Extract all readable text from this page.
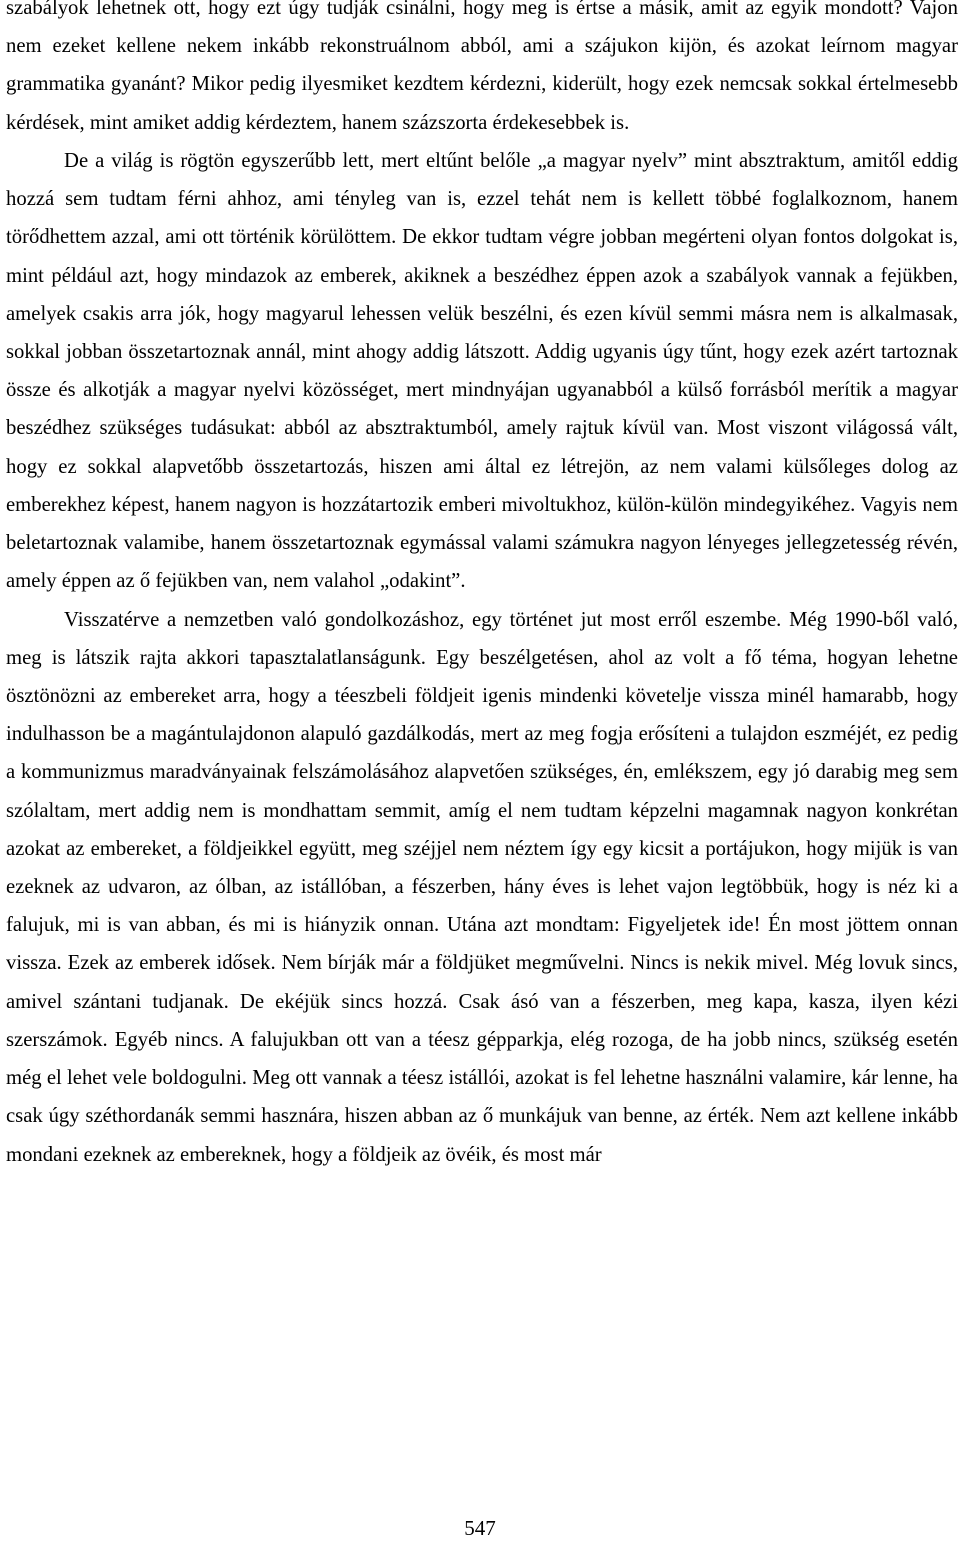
szabályok lehetnek ott, hogy ezt úgy tudják csinálni, hogy meg is értse a másik, amit az egyik mondott? Vajon nem ezeket kellene nekem inkább rekonstruálnom abból, ami a szájukon kijön, és azokat leírnom magyar grammatika gyanánt? Mikor pedig ilyesmiket kezdtem kérdezni, kiderült, hogy ezek nemcsak sokkal értelmesebb kérdések, mint amiket addig kérdeztem, hanem százszorta érdekesebbek is.

De a világ is rögtön egyszerűbb lett, mert eltűnt belőle „a magyar nyelv” mint absztraktum, amitől eddig hozzá sem tudtam férni ahhoz, ami tényleg van is, ezzel tehát nem is kellett többé foglalkoznom, hanem törődhettem azzal, ami ott történik körülöttem. De ekkor tudtam végre jobban megérteni olyan fontos dolgokat is, mint például azt, hogy mindazok az emberek, akiknek a beszédhez éppen azok a szabályok vannak a fejükben, amelyek csakis arra jók, hogy magyarul lehessen velük beszélni, és ezen kívül semmi másra nem is alkalmasak, sokkal jobban összetartoznak annál, mint ahogy addig látszott. Addig ugyanis úgy tűnt, hogy ezek azért tartoznak össze és alkotják a magyar nyelvi közösséget, mert mindnyájan ugyanabból a külső forrásból merítik a magyar beszédhez szükséges tudásukat: abból az absztraktumból, amely rajtuk kívül van. Most viszont világossá vált, hogy ez sokkal alapvetőbb összetartozás, hiszen ami által ez létrejön, az nem valami külsőleges dolog az emberekhez képest, hanem nagyon is hozzátartozik emberi mivoltukhoz, külön-külön mindegyikéhez. Vagyis nem beletartoznak valamibe, hanem összetartoznak egymással valami számukra nagyon lényeges jellegzetesség révén, amely éppen az ő fejükben van, nem valahol „odakint”.

Visszatérve a nemzetben való gondolkozáshoz, egy történet jut most erről eszembe. Még 1990-ből való, meg is látszik rajta akkori tapasztalatlanságunk. Egy beszélgetésen, ahol az volt a fő téma, hogyan lehetne ösztönözni az embereket arra, hogy a téeszbeli földjeit igenis mindenki követelje vissza minél hamarabb, hogy indulhasson be a magántulajdonon alapuló gazdálkodás, mert az meg fogja erősíteni a tulajdon eszméjét, ez pedig a kommunizmus maradványainak felszámolásához alapvetően szükséges, én, emlékszem, egy jó darabig meg sem szólaltam, mert addig nem is mondhattam semmit, amíg el nem tudtam képzelni magamnak nagyon konkrétan azokat az embereket, a földjeikkel együtt, meg széjjel nem néztem így egy kicsit a portájukon, hogy mijük is van ezeknek az udvaron, az ólban, az istállóban, a fészerben, hány éves is lehet vajon legtöbbük, hogy is néz ki a falujuk, mi is van abban, és mi is hiányzik onnan. Utána azt mondtam: Figyeljetek ide! Én most jöttem onnan vissza. Ezek az emberek idősek. Nem bírják már a földjüket megművelni. Nincs is nekik mivel. Még lovuk sincs, amivel szántani tudjanak. De ekéjük sincs hozzá. Csak ásó van a fészerben, meg kapa, kasza, ilyen kézi szerszámok. Egyéb nincs. A falujukban ott van a téesz gépparkja, elég rozoga, de ha jobb nincs, szükség esetén még el lehet vele boldogulni. Meg ott vannak a téesz istállói, azokat is fel lehetne használni valamire, kár lenne, ha csak úgy széthordanák semmi hasznára, hiszen abban az ő munkájuk van benne, az érték. Nem azt kellene inkább mondani ezeknek az embereknek, hogy a földjeik az övéik, és most már

547
